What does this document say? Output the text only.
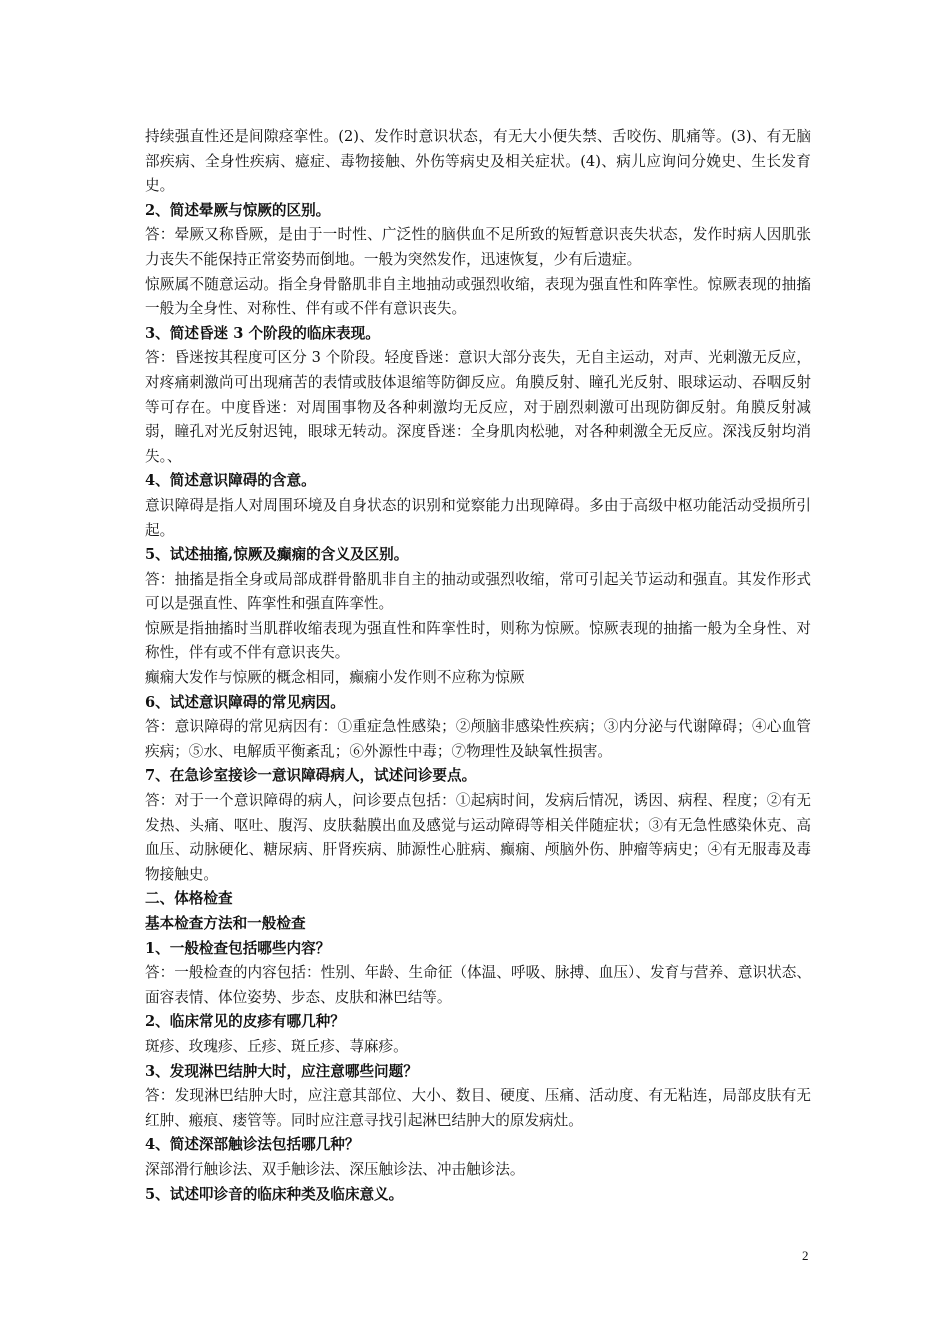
持续强直性还是间隙痉挛性。(2)、发作时意识状态，有无大小便失禁、舌咬伤、肌痛等。(3)、有无脑部疾病、全身性疾病、癔症、毒物接触、外伤等病史及相关症状。(4)、病儿应询问分娩史、生长发育史。

2、简述晕厥与惊厥的区别。

答：晕厥又称昏厥，是由于一时性、广泛性的脑供血不足所致的短暂意识丧失状态，发作时病人因肌张力丧失不能保持正常姿势而倒地。一般为突然发作，迅速恢复，少有后遗症。

惊厥属不随意运动。指全身骨骼肌非自主地抽动或强烈收缩，表现为强直性和阵挛性。惊厥表现的抽搐一般为全身性、对称性、伴有或不伴有意识丧失。

3、简述昏迷 3 个阶段的临床表现。

答：昏迷按其程度可区分 3 个阶段。轻度昏迷：意识大部分丧失，无自主运动，对声、光刺激无反应，对疼痛刺激尚可出现痛苦的表情或肢体退缩等防御反应。角膜反射、瞳孔光反射、眼球运动、吞咽反射等可存在。中度昏迷：对周围事物及各种刺激均无反应，对于剧烈刺激可出现防御反射。角膜反射减弱，瞳孔对光反射迟钝，眼球无转动。深度昏迷：全身肌肉松驰，对各种刺激全无反应。深浅反射均消失。、

4、简述意识障碍的含意。

意识障碍是指人对周围环境及自身状态的识别和觉察能力出现障碍。多由于高级中枢功能活动受损所引起。

5、试述抽搐,惊厥及癫痫的含义及区别。

答：抽搐是指全身或局部成群骨骼肌非自主的抽动或强烈收缩，常可引起关节运动和强直。其发作形式可以是强直性、阵挛性和强直阵挛性。

惊厥是指抽搐时当肌群收缩表现为强直性和阵挛性时，则称为惊厥。惊厥表现的抽搐一般为全身性、对称性，伴有或不伴有意识丧失。

癫痫大发作与惊厥的概念相同，癫痫小发作则不应称为惊厥

6、试述意识障碍的常见病因。

答：意识障碍的常见病因有：①重症急性感染；②颅脑非感染性疾病；③内分泌与代谢障碍；④心血管疾病；⑤水、电解质平衡紊乱；⑥外源性中毒；⑦物理性及缺氧性损害。

7、在急诊室接诊一意识障碍病人，试述问诊要点。

答：对于一个意识障碍的病人，问诊要点包括：①起病时间，发病后情况，诱因、病程、程度；②有无发热、头痛、呕吐、腹泻、皮肤黏膜出血及感觉与运动障碍等相关伴随症状；③有无急性感染休克、高血压、动脉硬化、糖尿病、肝肾疾病、肺源性心脏病、癫痫、颅脑外伤、肿瘤等病史；④有无服毒及毒物接触史。

二、体格检查

基本检查方法和一般检查

1、一般检查包括哪些内容？

答：一般检查的内容包括：性别、年龄、生命征（体温、呼吸、脉搏、血压）、发育与营养、意识状态、面容表情、体位姿势、步态、皮肤和淋巴结等。

2、临床常见的皮疹有哪几种？

斑疹、玫瑰疹、丘疹、斑丘疹、荨麻疹。

3、发现淋巴结肿大时，应注意哪些问题？

答：发现淋巴结肿大时，应注意其部位、大小、数目、硬度、压痛、活动度、有无粘连，局部皮肤有无红肿、瘢痕、瘘管等。同时应注意寻找引起淋巴结肿大的原发病灶。

4、简述深部触诊法包括哪几种？

深部滑行触诊法、双手触诊法、深压触诊法、冲击触诊法。

5、试述叩诊音的临床种类及临床意义。

2
